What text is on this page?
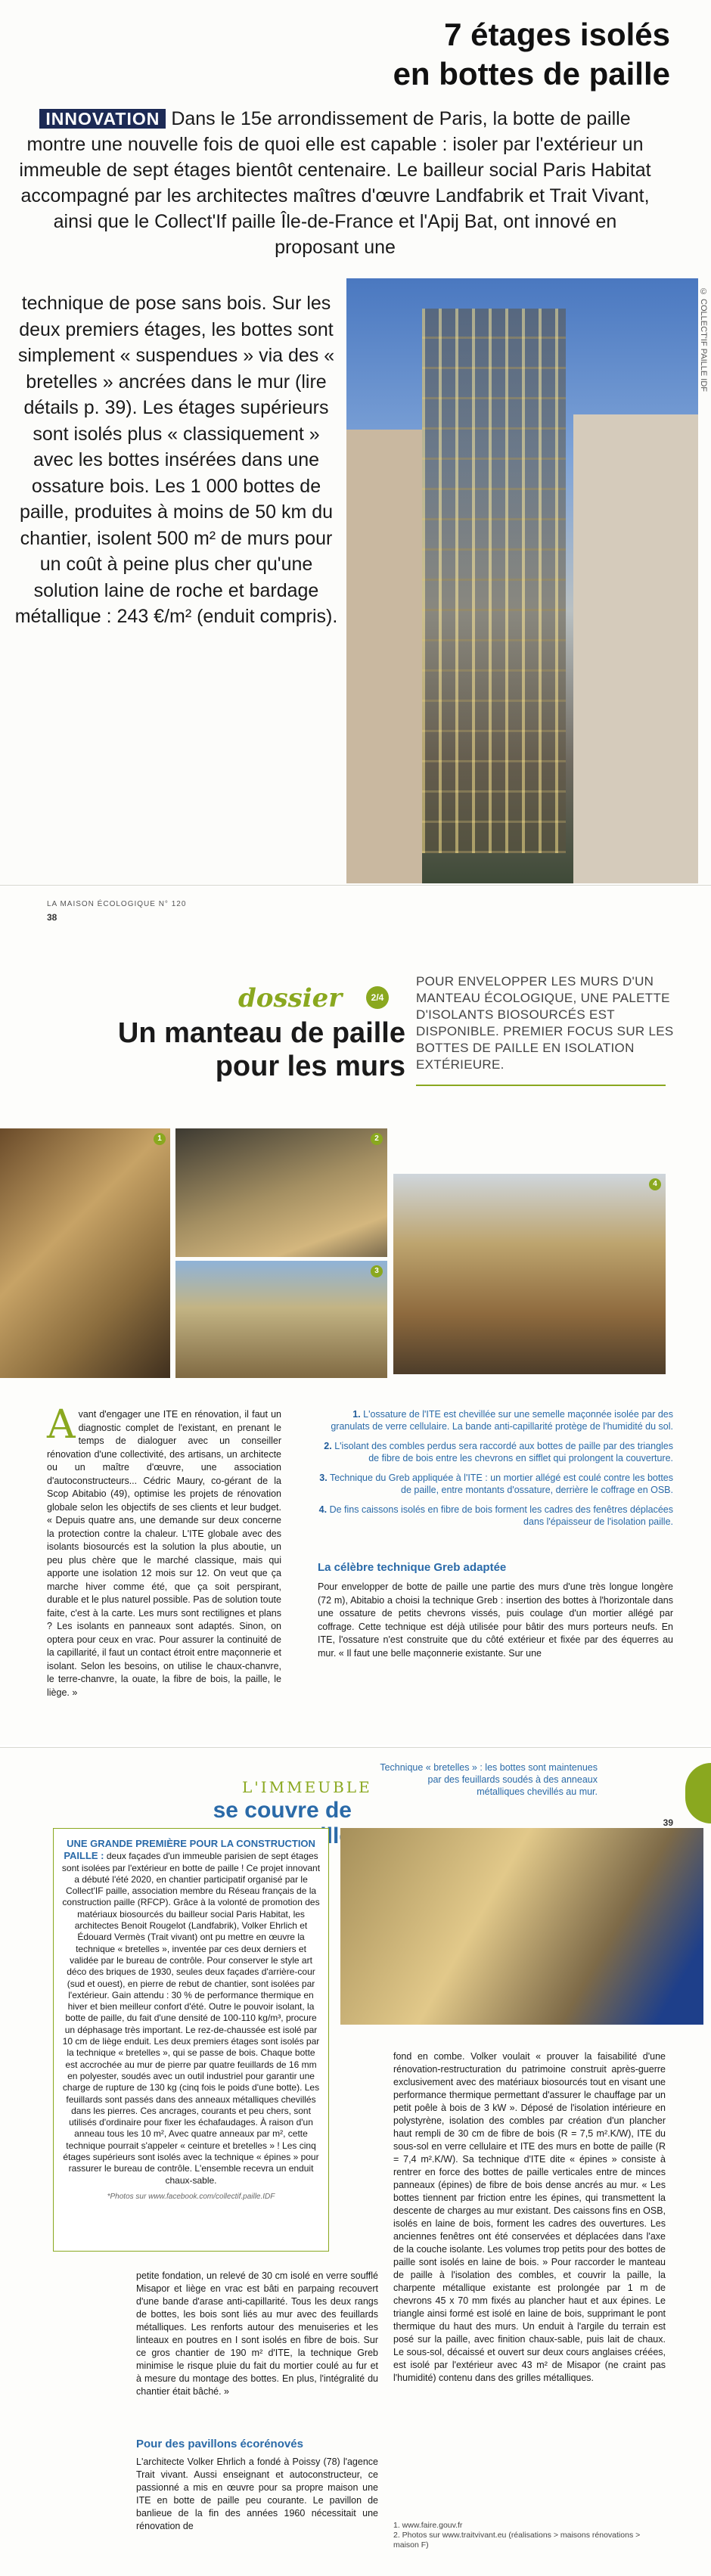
7 étages isolés
en bottes de paille
INNOVATION Dans le 15e arrondissement de Paris, la botte de paille montre une nouvelle fois de quoi elle est capable : isoler par l'extérieur un immeuble de sept étages bientôt centenaire. Le bailleur social Paris Habitat accompagné par les architectes maîtres d'œuvre Landfabrik et Trait Vivant, ainsi que le Collect'If paille Île-de-France et l'Apij Bat, ont innové en proposant une
technique de pose sans bois. Sur les deux premiers étages, les bottes sont simplement « suspendues » via des « bretelles » ancrées dans le mur (lire détails p. 39). Les étages supérieurs sont isolés plus « classiquement » avec les bottes insérées dans une ossature bois. Les 1 000 bottes de paille, produites à moins de 50 km du chantier, isolent 500 m² de murs pour un coût à peine plus cher qu'une solution laine de roche et bardage métallique : 243 €/m² (enduit compris).
© COLLECT'IF PAILLE IDF
LA MAISON ÉCOLOGIQUE N° 120
38
dossier	2/4
Un manteau de paille
pour les murs
POUR ENVELOPPER LES MURS D'UN MANTEAU ÉCOLOGIQUE, UNE PALETTE D'ISOLANTS BIOSOURCÉS EST DISPONIBLE. PREMIER FOCUS SUR LES BOTTES DE PAILLE EN ISOLATION EXTÉRIEURE.
1	2
3
4
Avant d'engager une ITE en rénovation, il faut un diagnostic complet de l'existant, en prenant le temps de dialoguer avec un conseiller rénovation d'une collectivité, des artisans, un architecte ou un maître d'œuvre, une association d'autoconstructeurs... Cédric Maury, co-gérant de la Scop Abitabio (49), optimise les projets de rénovation globale selon les objectifs de ses clients et leur budget. « Depuis quatre ans, une demande sur deux concerne la protection contre la chaleur. L'ITE globale avec des isolants biosourcés est la solution la plus aboutie, un peu plus chère que le marché classique, mais qui apporte une isolation 12 mois sur 12. On veut que ça marche hiver comme été, que ça soit perspirant, durable et le plus naturel possible. Pas de solution toute faite, c'est à la carte. Les murs sont rectilignes et plans ? Les isolants en panneaux sont adaptés. Sinon, on optera pour ceux en vrac. Pour assurer la continuité de la capillarité, il faut un contact étroit entre maçonnerie et isolant. Selon les besoins, on utilise le chaux-chanvre, le terre-chanvre, la ouate, la fibre de bois, la paille, le liège. »

1. L'ossature de l'ITE est chevillée sur une semelle maçonnée isolée par des granulats de verre cellulaire. La bande anti-capillarité protège de l'humidité du sol.

2. L'isolant des combles perdus sera raccordé aux bottes de paille par des triangles de fibre de bois entre les chevrons en sifflet qui prolongent la couverture.

3. Technique du Greb appliquée à l'ITE : un mortier allégé est coulé contre les bottes de paille, entre montants d'ossature, derrière le coffrage en OSB.

4. De fins caissons isolés en fibre de bois forment les cadres des fenêtres déplacées dans l'épaisseur de l'isolation paille.

La célèbre technique Greb adaptée
Pour envelopper de botte de paille une partie des murs d'une très longue longère (72 m), Abitabio a choisi la technique Greb : insertion des bottes à l'horizontale dans une ossature de petits chevrons vissés, puis coulage d'un mortier allégé par coffrage. Cette technique est déjà utilisée pour bâtir des murs porteurs neufs. En ITE, l'ossature n'est construite que du côté extérieur et fixée par des équerres au mur. « Il faut une belle maçonnerie existante. Sur une
L'IMMEUBLE
se couvre de
Technique « bretelles » : les bottes sont maintenues par des feuillards soudés à des anneaux métalliques chevillés au mur.
39
UNE GRANDE PREMIÈRE POUR LA CONSTRUCTION PAILLE : deux façades d'un immeuble parisien de sept étages sont isolées par l'extérieur en botte de paille ! Ce projet innovant a débuté l'été 2020, en chantier participatif organisé par le Collect'IF paille, association membre du Réseau français de la construction paille (RFCP). Grâce à la volonté de promotion des matériaux biosourcés du bailleur social Paris Habitat, les architectes Benoit Rougelot (Landfabrik), Volker Ehrlich et Édouard Vermès (Trait vivant) ont pu mettre en œuvre la technique « bretelles », inventée par ces deux derniers et validée par le bureau de contrôle. Pour conserver le style art déco des briques de 1930, seules deux façades d'arrière-cour (sud et ouest), en pierre de rebut de chantier, sont isolées par l'extérieur. Gain attendu : 30 % de performance thermique en hiver et bien meilleur confort d'été. Outre le pouvoir isolant, la botte de paille, du fait d'une densité de 100-110 kg/m³, procure un déphasage très important. Le rez-de-chaussée est isolé par 10 cm de liège enduit. Les deux premiers étages sont isolés par la technique « bretelles », qui se passe de bois. Chaque botte est accrochée au mur de pierre par quatre feuillards de 16 mm en polyester, soudés avec un outil industriel pour garantir une charge de rupture de 130 kg (cinq fois le poids d'une botte). Les feuillards sont passés dans des anneaux métalliques chevillés dans les pierres. Ces ancrages, courants et peu chers, sont utilisés d'ordinaire pour fixer les échafaudages. À raison d'un anneau tous les 10 m², Avec quatre anneaux par m², cette technique pourrait s'appeler « ceinture et bretelles » ! Les cinq étages supérieurs sont isolés avec la technique « épines » pour rassurer le bureau de contrôle. L'ensemble recevra un enduit chaux-sable.
*Photos sur www.facebook.com/collectif.paille.IDF
fond en combe. Volker voulait « prouver la faisabilité d'une rénovation-restructuration du patrimoine construit après-guerre exclusivement avec des matériaux biosourcés tout en visant une performance thermique permettant d'assurer le chauffage par un petit poêle à bois de 3 kW ». Déposé de l'isolation intérieure en polystyrène, isolation des combles par création d'un plancher haut rempli de 30 cm de fibre de bois (R = 7,5 m².K/W), ITE du sous-sol en verre cellulaire et ITE des murs en botte de paille (R = 7,4 m².K/W). Sa technique d'ITE dite « épines » consiste à rentrer en force des bottes de paille verticales entre de minces panneaux (épines) de fibre de bois dense ancrés au mur. « Les bottes tiennent par friction entre les épines, qui transmettent la descente de charges au mur existant. Des caissons fins en OSB, isolés en laine de bois, forment les cadres des ouvertures. Les anciennes fenêtres ont été conservées et déplacées dans l'axe de la couche isolante. Les volumes trop petits pour des bottes de paille sont isolés en laine de bois. » Pour raccorder le manteau de paille à l'isolation des combles, et couvrir la paille, la charpente métallique existante est prolongée par 1 m de chevrons 45 x 70 mm fixés au plancher haut et aux épines. Le triangle ainsi formé est isolé en laine de bois, supprimant le pont thermique du haut des murs. Un enduit à l'argile du terrain est posé sur la paille, avec finition chaux-sable, puis lait de chaux. Le sous-sol, décaissé et ouvert sur deux cours anglaises créées, est isolé par l'extérieur avec 43 m² de Misapor (ne craint pas l'humidité) contenu dans des grilles métalliques.
petite fondation, un relevé de 30 cm isolé en verre soufflé Misapor et liège en vrac est bâti en parpaing recouvert d'une bande d'arase anti-capillarité. Tous les deux rangs de bottes, les bois sont liés au mur avec des feuillards métalliques. Les renforts autour des menuiseries et les linteaux en poutres en I sont isolés en fibre de bois. Sur ce gros chantier de 190 m² d'ITE, la technique Greb minimise le risque pluie du fait du mortier coulé au fur et à mesure du montage des bottes. En plus, l'intégralité du chantier était bâché. »
Pour des pavillons écorénovés
L'architecte Volker Ehrlich a fondé à Poissy (78) l'agence Trait vivant. Aussi enseignant et autoconstructeur, ce passionné a mis en œuvre pour sa propre maison une ITE en botte de paille peu courante. Le pavillon de banlieue de la fin des années 1960 nécessitait une rénovation de	1. www.faire.gouv.fr
2. Photos sur www.traitvivant.eu (réalisations > maisons rénovations > maison F)
